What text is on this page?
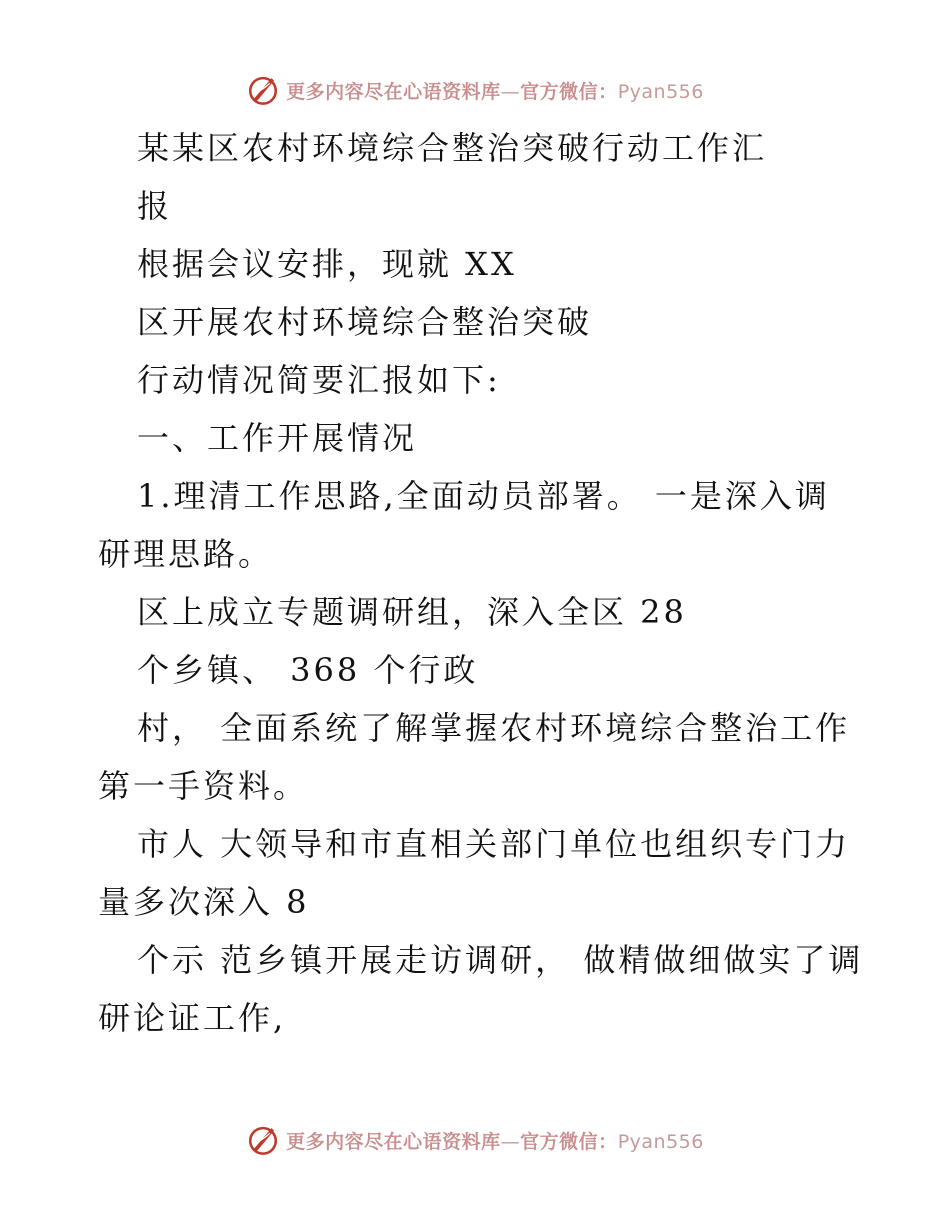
更多内容尽在心语资料库—官方微信：Pyan556
某某区农村环境综合整治突破行动工作汇
报
根据会议安排，现就 XX
区开展农村环境综合整治突破
行动情况简要汇报如下:
一、工作开展情况
1.理清工作思路,全面动员部署。 一是深入调
研理思路。
区上成立专题调研组，深入全区 28
个乡镇、 368 个行政
村， 全面系统了解掌握农村环境综合整治工作
第一手资料。
市人 大领导和市直相关部门单位也组织专门力
量多次深入 8
个示 范乡镇开展走访调研， 做精做细做实了调
研论证工作,
更多内容尽在心语资料库—官方微信：Pyan556
